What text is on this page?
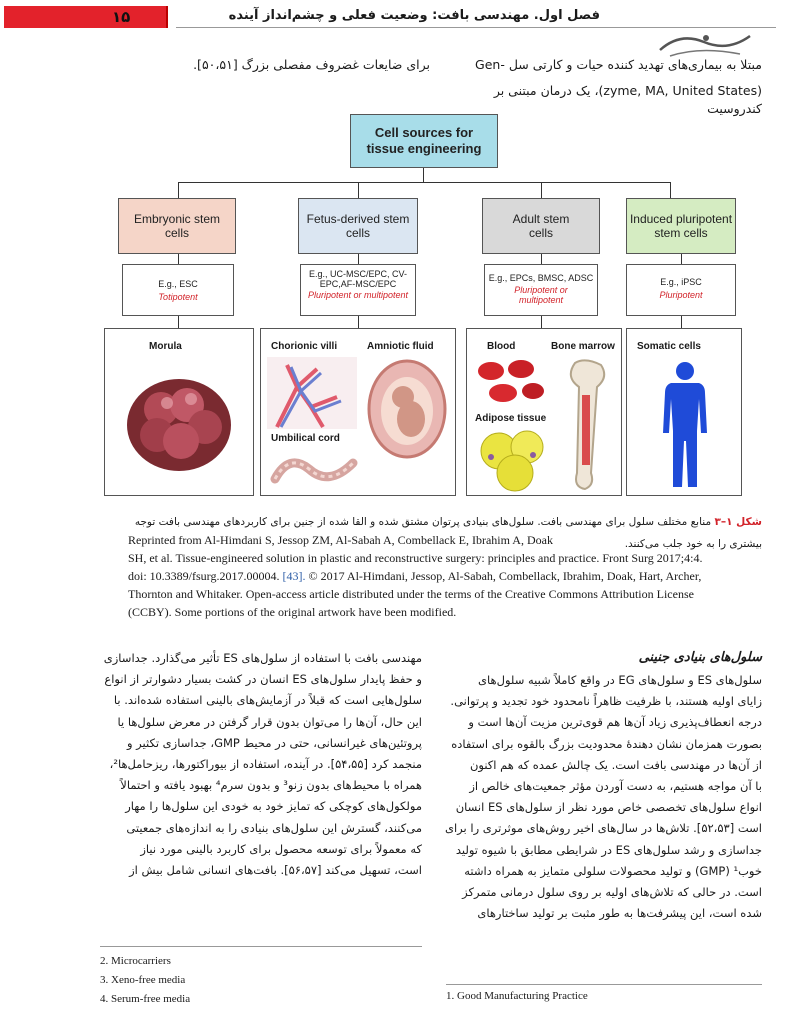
۱۵	فصل اول. مهندسی بافت: وضعیت فعلی و چشم‌انداز آینده
مبتلا به بیماری‌های تهدید کننده حیات و کارتی سل -Gen
(zyme, MA, United States)، یک درمان مبتنی بر کندروسیت
برای ضایعات غضروف مفصلی بزرگ [۵۰،۵۱].
Cell sources for tissue engineering
Embryonic stem cells
Fetus-derived stem cells
Adult stem cells
Induced pluripotent stem cells
E.g., ESC
Totipotent
E.g., UC-MSC/EPC, CV-EPC,AF-MSC/EPC
Pluripotent or multipotent
E.g., EPCs, BMSC, ADSC
Pluripotent or multipotent
E.g., iPSC
Pluripotent
Morula	Chorionic villi	Amniotic fluid
Umbilical cord
Blood	Bone marrow
Adipose tissue
Somatic cells
شکل ۱–۳ منابع مختلف سلول برای مهندسی بافت. سلول‌های بنیادی پرتوان مشتق شده و القا شده از جنین برای کاربردهای مهندسی بافت توجه
Reprinted from Al-Himdani S, Jessop ZM, Al-Sabah A, Combellack E, Ibrahim A, Doak	بیشتری را به خود جلب می‌کنند.
SH, et al. Tissue-engineered solution in plastic and reconstructive surgery: principles and practice. Front Surg 2017;4:4.
doi: 10.3389/fsurg.2017.00004. [43]. © 2017 Al-Himdani, Jessop, Al-Sabah, Combellack, Ibrahim, Doak, Hart, Archer,
Thornton and Whitaker. Open-access article distributed under the terms of the Creative Commons Attribution License
(CCBY). Some portions of the original artwork have been modified.
سلول‌های بنیادی جنینی
سلول‌های ES و سلول‌های EG در واقع کاملاً شبیه سلول‌های
زایای اولیه هستند، با ظرفیت ظاهراً نامحدود خود تجدید و پرتوانی.
درجه انعطاف‌پذیری زیاد آن‌ها هم قوی‌ترین مزیت آن‌ها است و
بصورت همزمان نشان دهندهٔ محدودیت بزرگ بالقوه برای استفاده
از آن‌ها در مهندسی بافت است. یک چالش عمده که هم اکنون
با آن مواجه هستیم، به دست آوردن مؤثر جمعیت‌های خالص از
انواع سلول‌های تخصصی خاص مورد نظر از سلول‌های ES انسان
است [۵۲،۵۳]. تلاش‌ها در سال‌های اخیر روش‌های موثرتری را برای
جداسازی و رشد سلول‌های ES در شرایطی مطابق با شیوه تولید
خوب¹ (GMP) و تولید محصولات سلولی متمایز به همراه داشته
است. در حالی که تلاش‌های اولیه بر روی سلول درمانی متمرکز
شده است، این پیشرفت‌ها به طور مثبت بر تولید ساختارهای
1. Good Manufacturing Practice
مهندسی بافت با استفاده از سلول‌های ES تأثیر می‌گذارد. جداسازی
و حفظ پایدار سلول‌های ES انسان در کشت بسیار دشوارتر از انواع
سلول‌هایی است که قبلاً در آزمایش‌های بالینی استفاده شده‌اند. با
این حال، آن‌ها را می‌توان بدون قرار گرفتن در معرض سلول‌ها یا
پروتئین‌های غیرانسانی، حتی در محیط GMP، جداسازی تکثیر و
منجمد کرد [۵۴،۵۵]. در آینده، استفاده از بیوراکتورها، ریزحامل‌ها²،
همراه با محیط‌های بدون زنو³ و بدون سرم⁴ بهبود یافته و احتمالاً
مولکول‌های کوچکی که تمایز خود به خودی این سلول‌ها را مهار
می‌کنند، گسترش این سلول‌های بنیادی را به اندازه‌های جمعیتی
که معمولاً برای توسعه محصول برای کاربرد بالینی مورد نیاز
است، تسهیل می‌کند [۵۶،۵۷]. بافت‌های انسانی شامل بیش از
2. Microcarriers
3. Xeno-free media
4. Serum-free media
